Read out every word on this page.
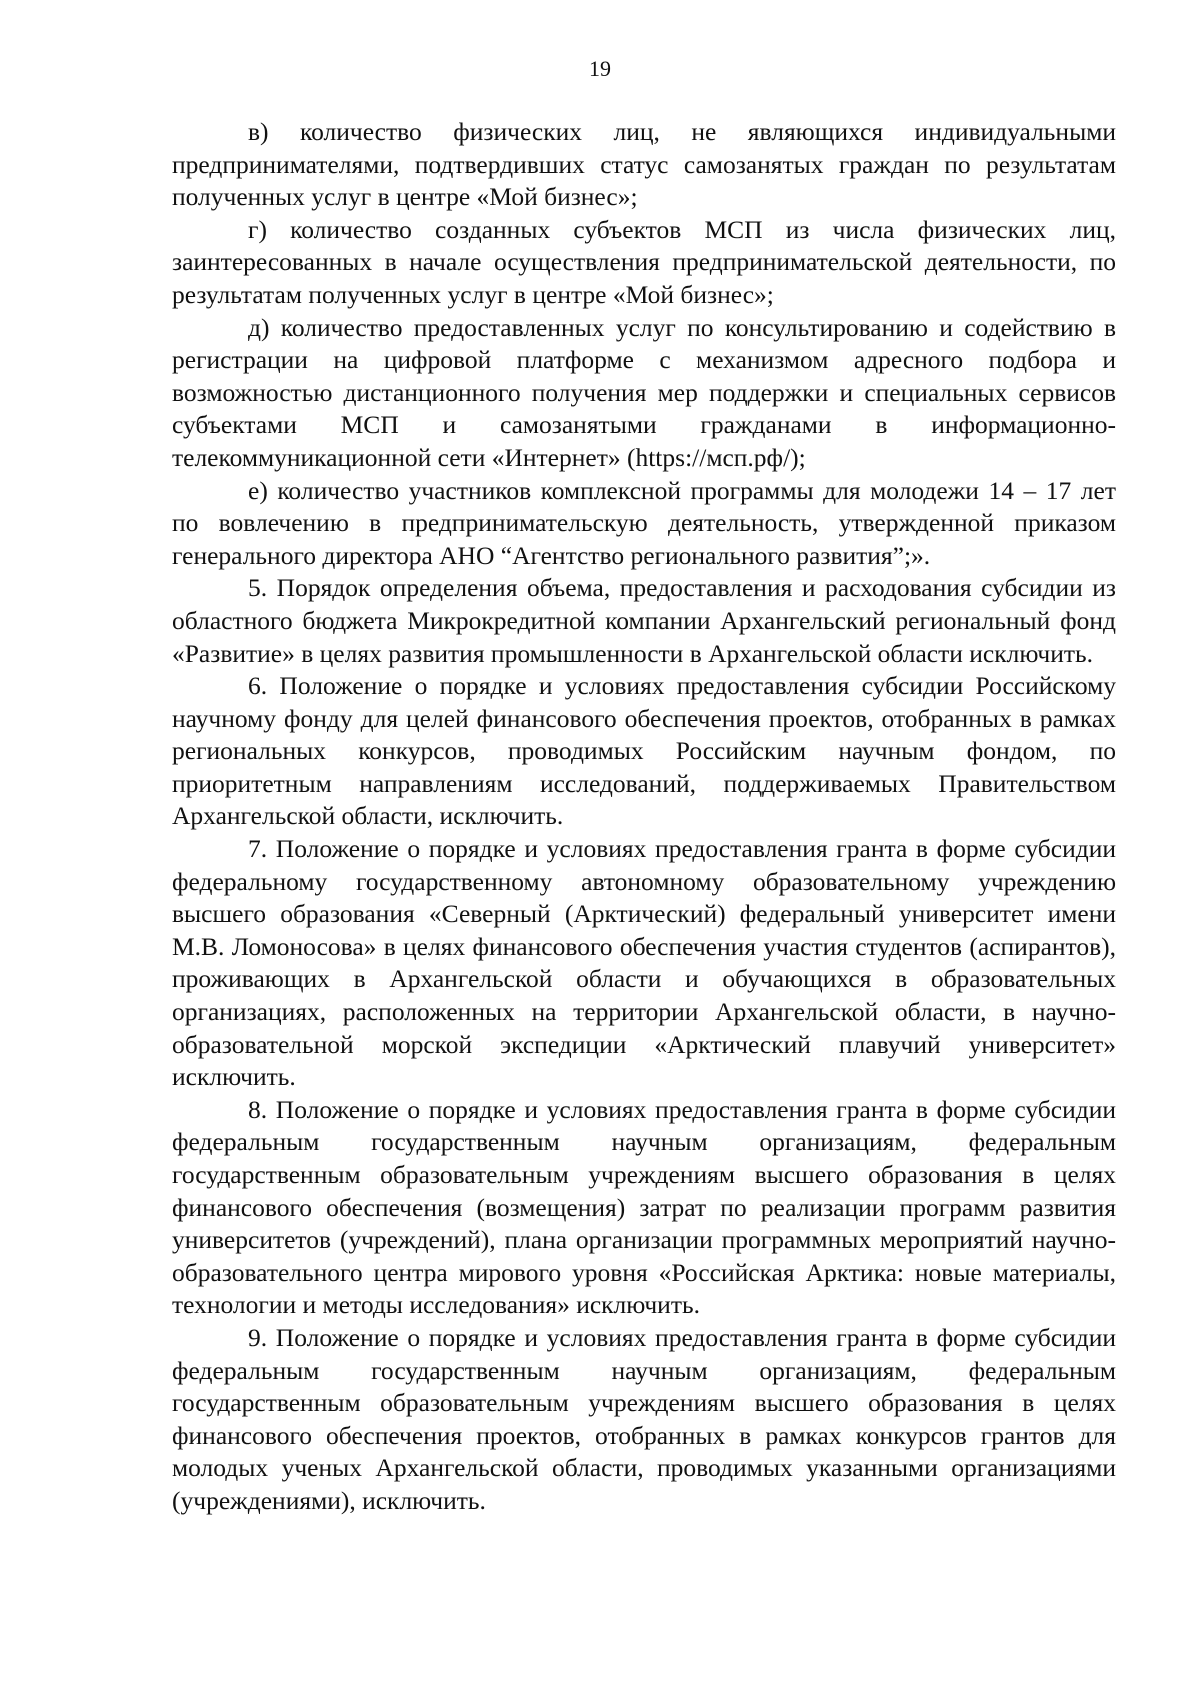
19

в) количество физических лиц, не являющихся индивидуальными предпринимателями, подтвердивших статус самозанятых граждан по результатам полученных услуг в центре «Мой бизнес»;

г) количество созданных субъектов МСП из числа физических лиц, заинтересованных в начале осуществления предпринимательской деятельности, по результатам полученных услуг в центре «Мой бизнес»;

д) количество предоставленных услуг по консультированию и содействию в регистрации на цифровой платформе с механизмом адресного подбора и возможностью дистанционного получения мер поддержки и специальных сервисов субъектами МСП и самозанятыми гражданами в информационно-телекоммуникационной сети «Интернет» (https://мсп.рф/);

е) количество участников комплексной программы для молодежи 14 – 17 лет по вовлечению в предпринимательскую деятельность, утвержденной приказом генерального директора АНО “Агентство регионального развития”;».

5. Порядок определения объема, предоставления и расходования субсидии из областного бюджета Микрокредитной компании Архангельский региональный фонд «Развитие» в целях развития промышленности в Архангельской области исключить.

6. Положение о порядке и условиях предоставления субсидии Российскому научному фонду для целей финансового обеспечения проектов, отобранных в рамках региональных конкурсов, проводимых Российским научным фондом, по приоритетным направлениям исследований, поддерживаемых Правительством Архангельской области, исключить.

7. Положение о порядке и условиях предоставления гранта в форме субсидии федеральному государственному автономному образовательному учреждению высшего образования «Северный (Арктический) федеральный университет имени М.В. Ломоносова» в целях финансового обеспечения участия студентов (аспирантов), проживающих в Архангельской области и обучающихся в образовательных организациях, расположенных на территории Архангельской области, в научно-образовательной морской экспедиции «Арктический плавучий университет» исключить.

8. Положение о порядке и условиях предоставления гранта в форме субсидии федеральным государственным научным организациям, федеральным государственным образовательным учреждениям высшего образования в целях финансового обеспечения (возмещения) затрат по реализации программ развития университетов (учреждений), плана организации программных мероприятий научно-образовательного центра мирового уровня «Российская Арктика: новые материалы, технологии и методы исследования» исключить.

9. Положение о порядке и условиях предоставления гранта в форме субсидии федеральным государственным научным организациям, федеральным государственным образовательным учреждениям высшего образования в целях финансового обеспечения проектов, отобранных в рамках конкурсов грантов для молодых ученых Архангельской области, проводимых указанными организациями (учреждениями), исключить.
